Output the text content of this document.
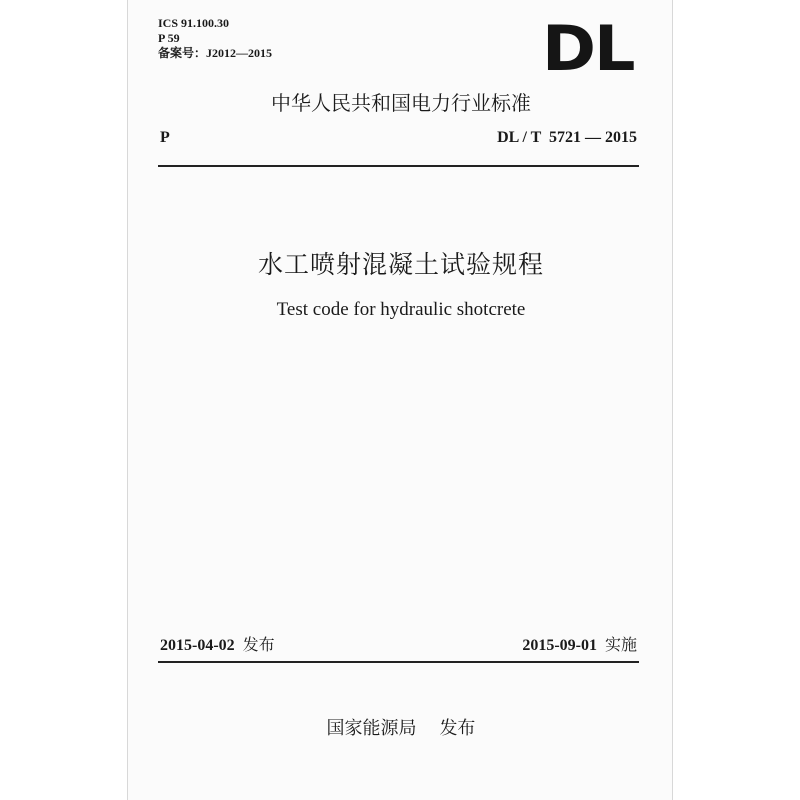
ICS 91.100.30
P 59
备案号：J2012—2015	DL
中华人民共和国电力行业标准
P	DL / T  5721 — 2015
水工喷射混凝土试验规程
Test code for hydraulic shotcrete
2015-04-02 发布	2015-09-01 实施
国家能源局 发布
